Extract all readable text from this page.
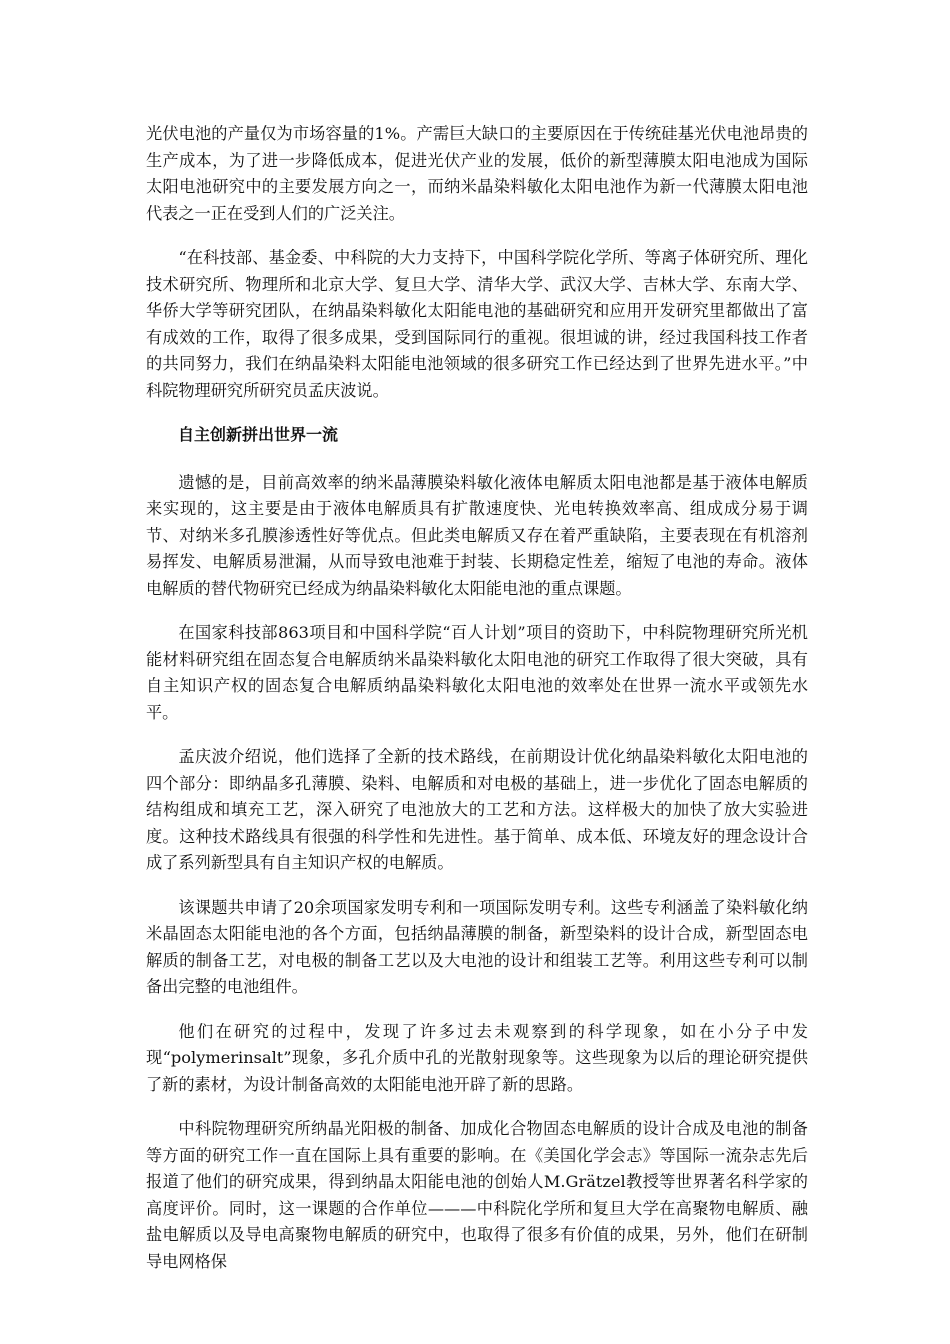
光伏电池的产量仅为市场容量的1%。产需巨大缺口的主要原因在于传统硅基光伏电池昂贵的生产成本，为了进一步降低成本，促进光伏产业的发展，低价的新型薄膜太阳电池成为国际太阳电池研究中的主要发展方向之一，而纳米晶染料敏化太阳电池作为新一代薄膜太阳电池代表之一正在受到人们的广泛关注。

“在科技部、基金委、中科院的大力支持下，中国科学院化学所、等离子体研究所、理化技术研究所、物理所和北京大学、复旦大学、清华大学、武汉大学、吉林大学、东南大学、华侨大学等研究团队，在纳晶染料敏化太阳能电池的基础研究和应用开发研究里都做出了富有成效的工作，取得了很多成果，受到国际同行的重视。很坦诚的讲，经过我国科技工作者的共同努力，我们在纳晶染料太阳能电池领域的很多研究工作已经达到了世界先进水平。”中科院物理研究所研究员孟庆波说。

自主创新拼出世界一流

遗憾的是，目前高效率的纳米晶薄膜染料敏化液体电解质太阳电池都是基于液体电解质来实现的，这主要是由于液体电解质具有扩散速度快、光电转换效率高、组成成分易于调节、对纳米多孔膜渗透性好等优点。但此类电解质又存在着严重缺陷，主要表现在有机溶剂易挥发、电解质易泄漏，从而导致电池难于封装、长期稳定性差，缩短了电池的寿命。液体电解质的替代物研究已经成为纳晶染料敏化太阳能电池的重点课题。

在国家科技部863项目和中国科学院“百人计划”项目的资助下，中科院物理研究所光机能材料研究组在固态复合电解质纳米晶染料敏化太阳电池的研究工作取得了很大突破，具有自主知识产权的固态复合电解质纳晶染料敏化太阳电池的效率处在世界一流水平或领先水平。

孟庆波介绍说，他们选择了全新的技术路线，在前期设计优化纳晶染料敏化太阳电池的四个部分：即纳晶多孔薄膜、染料、电解质和对电极的基础上，进一步优化了固态电解质的结构组成和填充工艺，深入研究了电池放大的工艺和方法。这样极大的加快了放大实验进度。这种技术路线具有很强的科学性和先进性。基于简单、成本低、环境友好的理念设计合成了系列新型具有自主知识产权的电解质。

该课题共申请了20余项国家发明专利和一项国际发明专利。这些专利涵盖了染料敏化纳米晶固态太阳能电池的各个方面，包括纳晶薄膜的制备，新型染料的设计合成，新型固态电解质的制备工艺，对电极的制备工艺以及大电池的设计和组装工艺等。利用这些专利可以制备出完整的电池组件。

他们在研究的过程中，发现了许多过去未观察到的科学现象，如在小分子中发现“polymerinsalt”现象，多孔介质中孔的光散射现象等。这些现象为以后的理论研究提供了新的素材，为设计制备高效的太阳能电池开辟了新的思路。

中科院物理研究所纳晶光阳极的制备、加成化合物固态电解质的设计合成及电池的制备等方面的研究工作一直在国际上具有重要的影响。在《美国化学会志》等国际一流杂志先后报道了他们的研究成果，得到纳晶太阳能电池的创始人M.Grätzel教授等世界著名科学家的高度评价。同时，这一课题的合作单位———中科院化学所和复旦大学在高聚物电解质、融盐电解质以及导电高聚物电解质的研究中，也取得了很多有价值的成果，另外，他们在研制导电网格保
